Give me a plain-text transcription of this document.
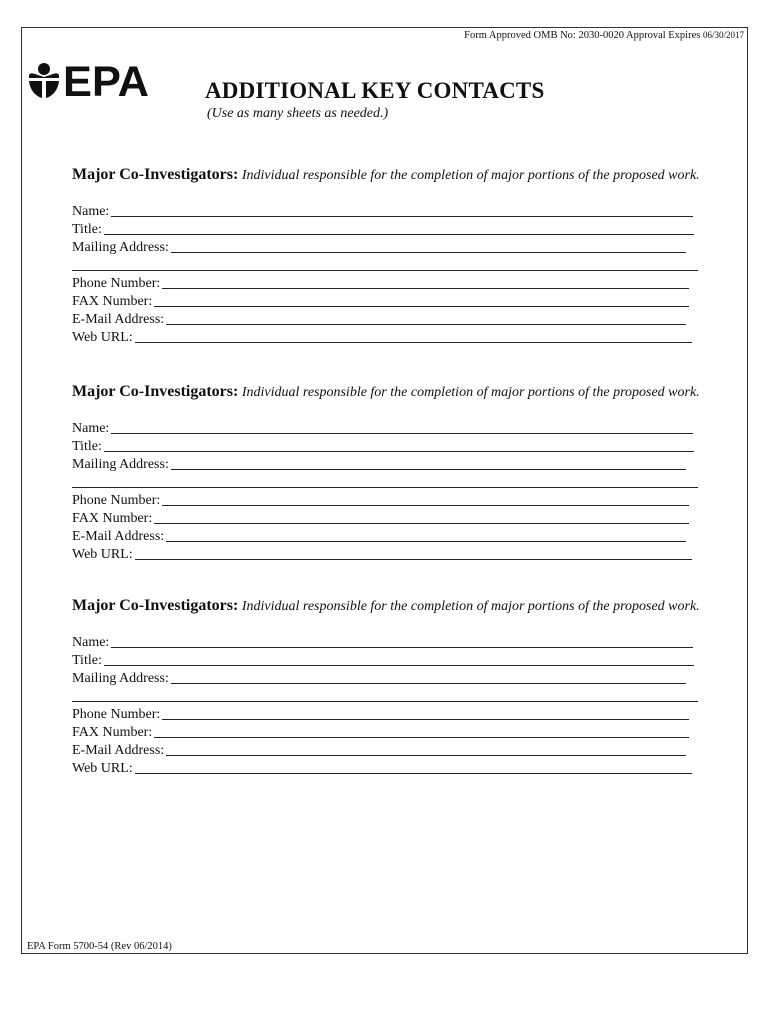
Form Approved OMB No: 2030-0020 Approval Expires 06/30/2017
EPA ADDITIONAL KEY CONTACTS
(Use as many sheets as needed.)

Major Co-Investigators: Individual responsible for the completion of major portions of the proposed work.

Name:
Title:
Mailing Address:
Phone Number:
FAX Number:
E-Mail Address:
Web URL:

Major Co-Investigators: Individual responsible for the completion of major portions of the proposed work.

Name:
Title:
Mailing Address:
Phone Number:
FAX Number:
E-Mail Address:
Web URL:

Major Co-Investigators: Individual responsible for the completion of major portions of the proposed work.

Name:
Title:
Mailing Address:
Phone Number:
FAX Number:
E-Mail Address:
Web URL:
EPA Form 5700-54 (Rev 06/2014)
